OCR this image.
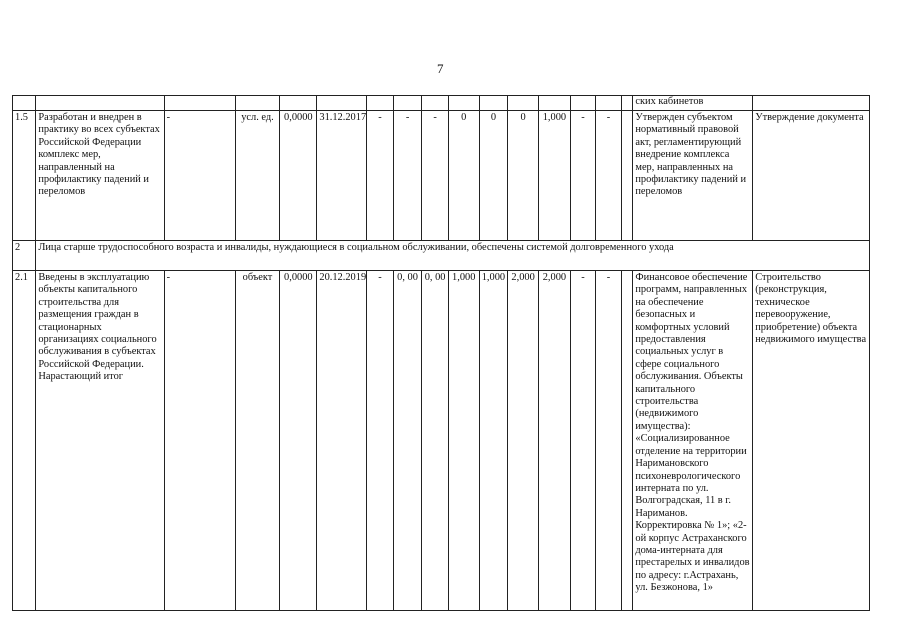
7
																ских кабинетов	
1.5	Разработан и внедрен в практику во всех субъектах Российской Федерации комплекс мер, направленный на профилактику падений и переломов	-	усл. ед.	0,0000	31.12.2017	-	-	-	0	0	0	1,000	-	-		Утвержден субъектом нормативный правовой акт, регламентирующий внедрение комплекса мер, направленных на профилактику падений и переломов	Утверждение документа
2	Лица старше трудоспособного возраста и инвалиды, нуждающиеся в социальном обслуживании, обеспечены системой долговременного ухода																
2.1	Введены в эксплуатацию объекты капитального строительства для размещения граждан в стационарных организациях социального обслуживания в субъектах Российской Федерации. Нарастающий итог	-	объект	0,0000	20.12.2019	-	0, 00	0, 00	1,000	1,000	2,000	2,000	-	-		Финансовое обеспечение программ, направленных на обеспечение безопасных и комфортных условий предоставления социальных услуг в сфере социального обслуживания. Объекты капитального строительства (недвижимого имущества): «Социализированное отделение на территории Наримановского психоневрологического интерната по ул. Волгоградская, 11 в г. Нариманов. Корректировка № 1»; «2-ой корпус Астраханского дома-интерната для престарелых и инвалидов по адресу: г.Астрахань, ул. Безжонова, 1»	Строительство (реконструкция, техническое перевооружение, приобретение) объекта недвижимого имущества
